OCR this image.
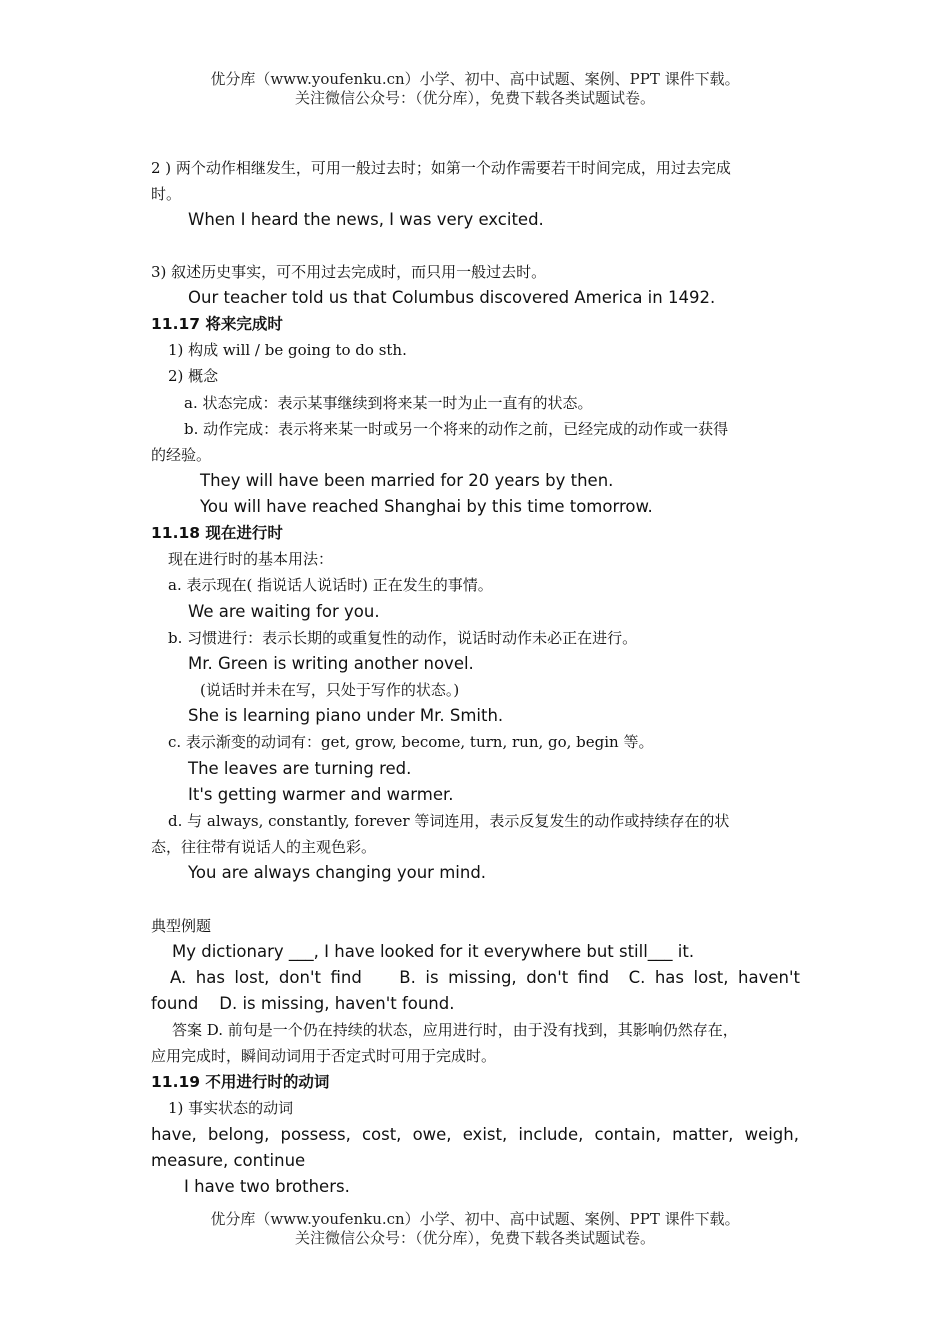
优分库（www.youfenku.cn）小学、初中、高中试题、案例、PPT 课件下载。
关注微信公众号：（优分库），免费下载各类试题试卷。
2 ) 两个动作相继发生，可用一般过去时；如第一个动作需要若干时间完成，用过去完成
时。
When I heard the news, I was very excited.
3) 叙述历史事实，可不用过去完成时，而只用一般过去时。
Our teacher told us that Columbus discovered America in 1492.
11.17 将来完成时
1) 构成 will / be going to do sth.
2) 概念
a. 状态完成：表示某事继续到将来某一时为止一直有的状态。
b. 动作完成：表示将来某一时或另一个将来的动作之前，已经完成的动作或一获得
的经验。
They will have been married for 20 years by then.
You will have reached Shanghai by this time tomorrow.
11.18 现在进行时
现在进行时的基本用法：
a. 表示现在( 指说话人说话时) 正在发生的事情。
We are waiting for you.
b. 习惯进行：表示长期的或重复性的动作，说话时动作未必正在进行。
Mr. Green is writing another novel.
(说话时并未在写，只处于写作的状态。)
She is learning piano under Mr. Smith.
c. 表示渐变的动词有：get, grow, become, turn, run, go, begin 等。
The leaves are turning red.
It's getting warmer and warmer.
d. 与 always, constantly, forever 等词连用，表示反复发生的动作或持续存在的状
态，往往带有说话人的主观色彩。
You are always changing your mind.
典型例题
My dictionary ___, I have looked for it everywhere but still___ it.
A. has lost, don't find B. is missing, don't find C. has lost, haven't
found    D. is missing, haven't found.
答案 D. 前句是一个仍在持续的状态，应用进行时，由于没有找到，其影响仍然存在，
应用完成时，瞬间动词用于否定式时可用于完成时。
11.19 不用进行时的动词
1) 事实状态的动词
have, belong, possess, cost, owe, exist, include, contain, matter, weigh,
measure, continue
I have two brothers.
优分库（www.youfenku.cn）小学、初中、高中试题、案例、PPT 课件下载。
关注微信公众号：（优分库），免费下载各类试题试卷。
